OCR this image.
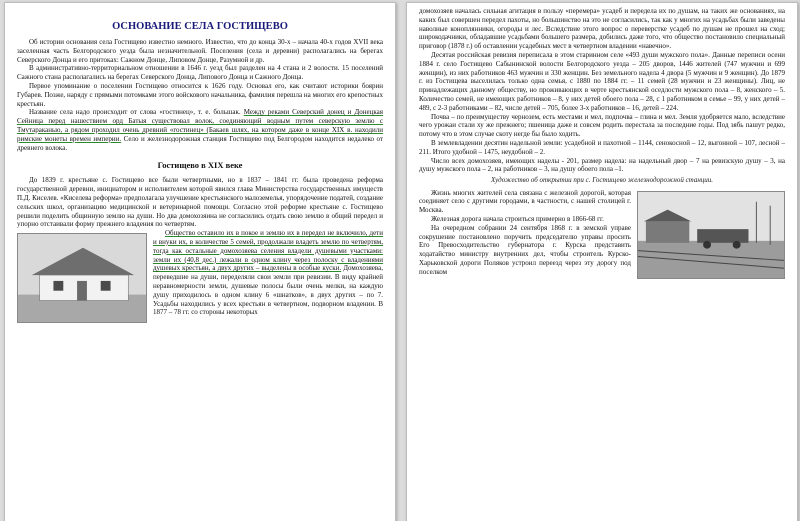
ОСНОВАНИЕ СЕЛА ГОСТИЩЕВО

Об истории основания села Гостищево известно немного. Известно, что до конца 30-х – начала 40-х годов XVII века заселенная часть Белгородского уезда была незначительной. Поселения (села и деревни) располагались на берегах Северского Донца и его притоках: Сажном Донце, Липовом Донце, Разумной и др.

В административно-территориальном отношении в 1646 г. уезд был разделен на 4 стана и 2 волости. 15 поселений Сажного стана располагались на берегах Северского Донца, Липового Донца и Сажного Донца.

Первое упоминание о поселении Гостищево относится к 1626 году. Основал его, как считают историки боярин Губарев. Позже, наряду с прямыми потомками этого войскового начальника, фамилия перешла на многих его крепостных крестьян.

Название села надо происходит от слова «гостинец», т. е. большак. Между реками Северский донец и Донецкая Сейница перед нашествием орд Батыя существовал волок, соединяющий водным путем северскую землю с Тмутараканью, а рядом проходил очень древний «гостинец» (Бакаев шлях, на котором даже в конце XIX в. находили римские монеты времен империи. Село и железнодорожная станция Гостищево под Белгородом находится недалеко от древнего волока.

Гостищево в XIX веке

До 1839 г. крестьяне с. Гостищево все были четвертными, но в 1837 – 1841 гг. была проведена реформа государственной деревни, инициатором и исполнителем которой явился глава Министерства государственных имуществ П.Д. Киселев. «Киселева реформа» предполагала улучшение крестьянского малоземелья, упорядочение податей, создание сельских школ, организацию медицинской и ветеринарной помощи. Согласно этой реформе крестьяне с. Гостищево решили поделить общинную землю на души. Но два домохозяина не согласились отдать свою землю в общий передел и упорно отстаивали форму прежнего владения по четвертям.

Общество оставило их в покое и землю их в передел не включило, дети и внуки их, в количестве 5 семей, продолжали владеть землю по четвертям, тогда как остальные домохозяева селения владели душевыми участками: земли их (40,8 дес.) лежали в одном клину через полоску с владениями душевых крестьян, а двух других – выделены в особые куски. Домохозяева, переведшие на души, переделяли свои земли при ревизии. В виду крайней неравномерности земли, душевые полосы были очень мелки, на каждую душу приходилось в одном клину 6 «шнатков», в двух других – по 7. Усадьбы находились у всех крестьян в четвертном, подворном владении. В 1877 – 78 гг. со стороны некоторых

домохозяев началась сильная агитация в пользу «перемера» усадеб и передела их по душам, на таких же основаниях, на каких был совершен передел пахоты, но большинство на это не согласились, так как у многих на усадьбах были заведены наволные коноплянники, огороды и лес. Вследствие этого вопрос о переверстке усадеб по душам не прошел на сход; широкодачники, обладавшие усадьбами большего размера, добились даже того, что общество постановило специальный приговор (1878 г.) об оставлении усадебных мест в четвертном владении «навечно».

Десятая российская ревизия переписала в этом старинном селе «493 души мужского пола». Данные переписи осени 1884 г. село Гостищево Сабынинской волости Белгородского уезда – 205 дворов, 1446 жителей (747 мужчин и 699 женщин), из них работников 463 мужчин и 330 женщин. Без земельного надела 4 двора (5 мужчин и 9 женщин). До 1879 г. из Гостищева выселилась только одна семья, с 1880 по 1884 гг. – 11 семей (28 мужчин и 23 женщины). Лиц, не принадлежащих данному обществу, но проживающих в черте крестьянской оседлости мужского пола – 8, женского – 5. Количество семей, не имеющих работников – 8, у них детей обоего пола – 28, с 1 работником в семье – 99, у них детей – 489, с 2-3 работниками – 82, числе детей – 705, более 3-х работников – 16, детей – 224.

Почва – по преимуществу чернозем, есть местами и мел, подпочва – глина и мел. Земля удобряется мало, вследствие чего урожаи стали ху же прежнего; пшеница даже и совсем родить перестала за последние годы. Под зябь пашут редко, потому что в этом случае скоту негде бы было ходить.

В землевладении десятин надельной земли: усадебной и пахотной – 1144, сенокосной – 12, выгонной – 107, лесной – 211. Итого удобной – 1475, неудобной – 2.

Число всех домохозяев, имеющих наделы - 201, размер надела: на надельный двор – 7 на ревизскую душу – 3, на душу мужского пола – 2, на работников – 3, на душу обоего пола –1.

Художество об открытии при с. Гостищево железнодорожной станции.

Жизнь многих жителей села связана с железной дорогой, которая соединяет село с другими городами, в частности, с нашей столицей г. Москва.

Железная дорога начала строиться примерно в 1866-68 гг.

На очередном собрании 24 сентября 1868 г. в земской управе сокрушение постановлено поручить председателю управы просить Его Превосходительство губернатора г. Курска представить ходатайство министру внутренних дел, чтобы строитель Курско-Харьковской дороги Поляков устроил переезд через эту дорогу под поселком
